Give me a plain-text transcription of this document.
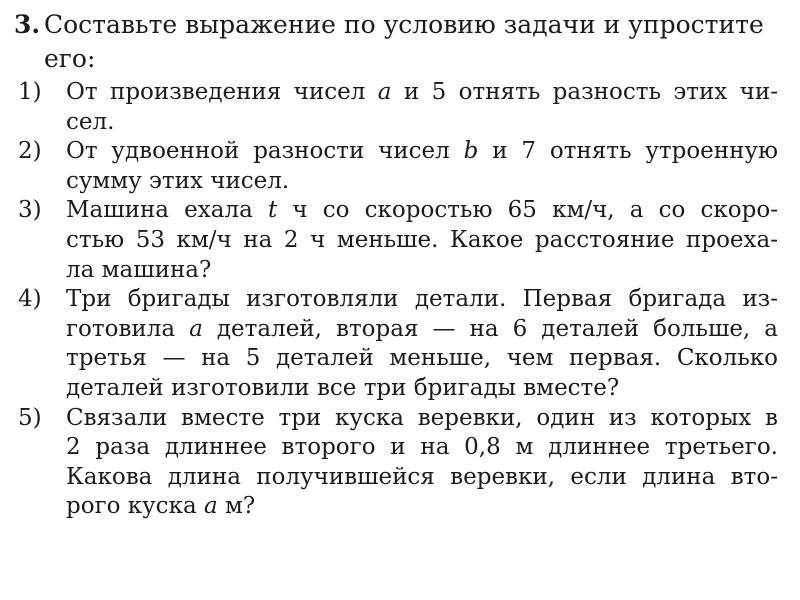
3. Составьте выражение по условию задачи и упростите его:
1)	От произведения чисел a и 5 отнять разность этих чи-
сел.
2)	От удвоенной разности чисел b и 7 отнять утроенную
сумму этих чисел.
3)	Машина ехала t ч со скоростью 65 км/ч, а со скоро-
стью 53 км/ч на 2 ч меньше. Какое расстояние проеха-
ла машина?
4)	Три бригады изготовляли детали. Первая бригада из-
готовила a деталей, вторая — на 6 деталей больше, а
третья — на 5 деталей меньше, чем первая. Сколько
деталей изготовили все три бригады вместе?
5)	Связали вместе три куска веревки, один из которых в
2 раза длиннее второго и на 0,8 м длиннее третьего.
Какова длина получившейся веревки, если длина вто-
рого куска a м?
